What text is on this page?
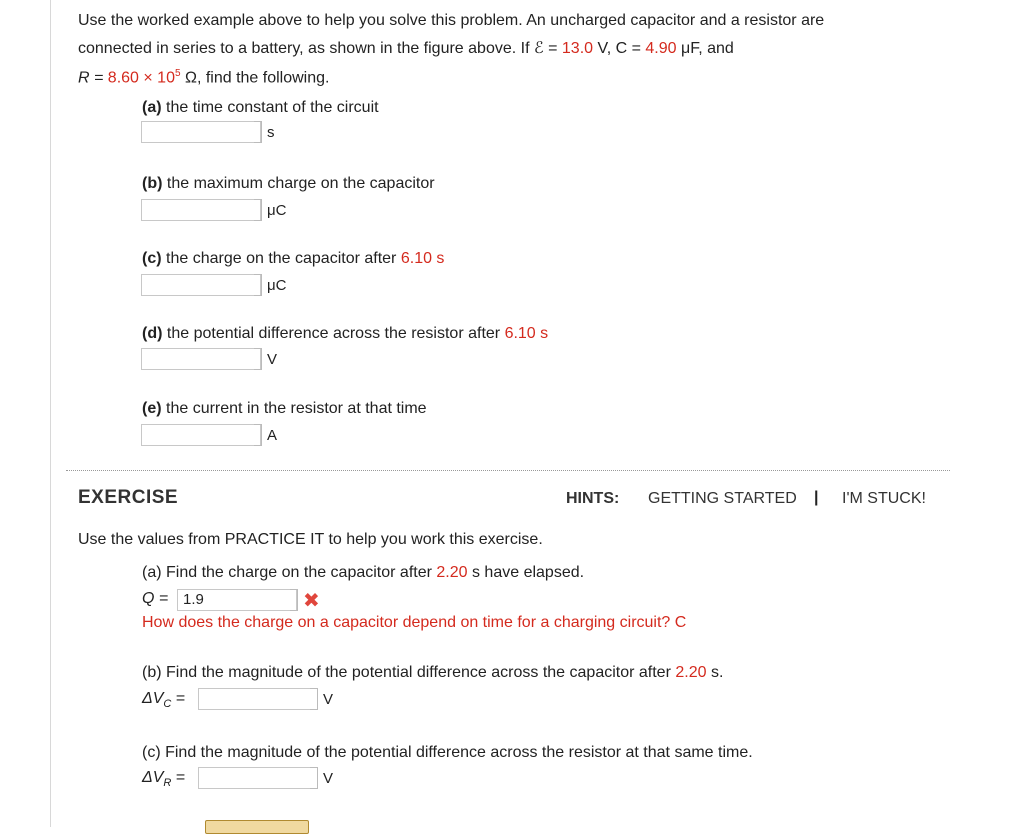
Use the worked example above to help you solve this problem. An uncharged capacitor and a resistor are
connected in series to a battery, as shown in the figure above. If ℰ = 13.0 V, C = 4.90 μF, and
$R = 8.60 \times 10^5$ Ω, find the following.
(a) the time constant of the circuit
s
(b) the maximum charge on the capacitor
μC
(c) the charge on the capacitor after 6.10 s
μC
(d) the potential difference across the resistor after 6.10 s
V
(e) the current in the resistor at that time
A
EXERCISE	HINTS: GETTING STARTED | I'M STUCK!
Use the values from PRACTICE IT to help you work this exercise.
(a) Find the charge on the capacitor after 2.20 s have elapsed.
Q = 1.9	✖
How does the charge on a capacitor depend on time for a charging circuit? C
(b) Find the magnitude of the potential difference across the capacitor after 2.20 s.
$\Delta V_C$ =	V
(c) Find the magnitude of the potential difference across the resistor at that same time.
$\Delta V_R$ =	V
